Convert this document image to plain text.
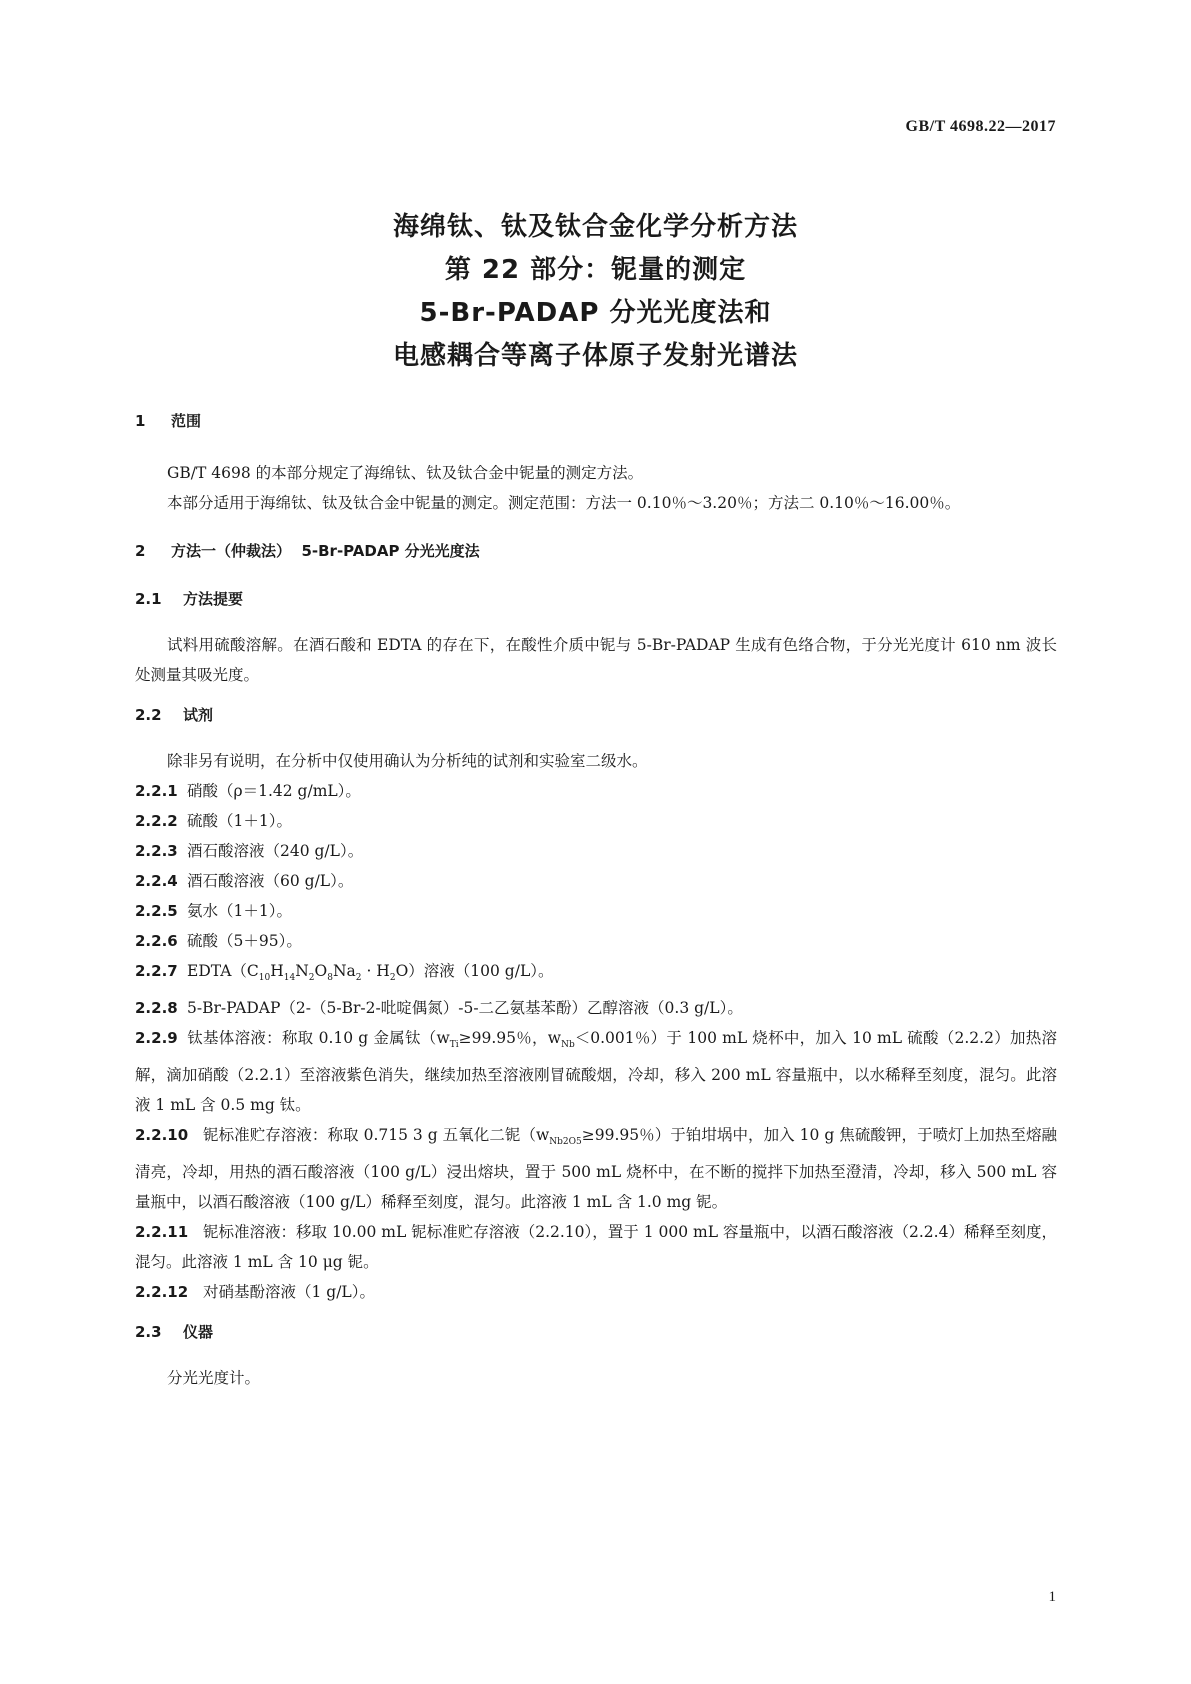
GB/T 4698.22—2017
海绵钛、钛及钛合金化学分析方法
第 22 部分：铌量的测定
5-Br-PADAP 分光光度法和
电感耦合等离子体原子发射光谱法
1 范围

GB/T 4698 的本部分规定了海绵钛、钛及钛合金中铌量的测定方法。

本部分适用于海绵钛、钛及钛合金中铌量的测定。测定范围：方法一 0.10％～3.20％；方法二 0.10％～16.00％。

2 方法一（仲裁法）  5-Br-PADAP 分光光度法
2.1 方法提要

试料用硫酸溶解。在酒石酸和 EDTA 的存在下，在酸性介质中铌与 5-Br-PADAP 生成有色络合物，于分光光度计 610 nm 波长处测量其吸光度。

2.2 试剂

除非另有说明，在分析中仅使用确认为分析纯的试剂和实验室二级水。

2.2.1 硝酸（ρ＝1.42 g/mL）。

2.2.2 硫酸（1＋1）。

2.2.3 酒石酸溶液（240 g/L）。

2.2.4 酒石酸溶液（60 g/L）。

2.2.5 氨水（1＋1）。

2.2.6 硫酸（5＋95）。

2.2.7 $EDTA(C_{10}H_{14}N_2O_8Na_2 \cdot H_2O)$溶液（100 g/L）。

2.2.8 5-Br-PADAP（2-（5-Br-2-吡啶偶氮）-5-二乙氨基苯酚）乙醇溶液（0.3 g/L）。

2.2.9 钛基体溶液：称取 0.10 g 金属钛（$w_{Ti}\ge 99.95$％，$w_{Nb}<0.001$％）于 100 mL 烧杯中，加入 10 mL 硫酸（2.2.2）加热溶解，滴加硝酸（2.2.1）至溶液紫色消失，继续加热至溶液刚冒硫酸烟，冷却，移入 200 mL 容量瓶中，以水稀释至刻度，混匀。此溶液 1 mL 含 0.5 mg 钛。

2.2.10 铌标准贮存溶液：称取 0.715 3 g 五氧化二铌（$w_{Nb2O5}\ge 99.95$％）于铂坩埚中，加入 10 g 焦硫酸钾，于喷灯上加热至熔融清亮，冷却，用热的酒石酸溶液（100 g/L）浸出熔块，置于 500 mL 烧杯中，在不断的搅拌下加热至澄清，冷却，移入 500 mL 容量瓶中，以酒石酸溶液（100 g/L）稀释至刻度，混匀。此溶液 1 mL 含 1.0 mg 铌。

2.2.11 铌标准溶液：移取 10.00 mL 铌标准贮存溶液（2.2.10），置于 1 000 mL 容量瓶中，以酒石酸溶液（2.2.4）稀释至刻度，混匀。此溶液 1 mL 含 10 μg 铌。

2.2.12 对硝基酚溶液（1 g/L）。

2.3 仪器

分光光度计。

1
